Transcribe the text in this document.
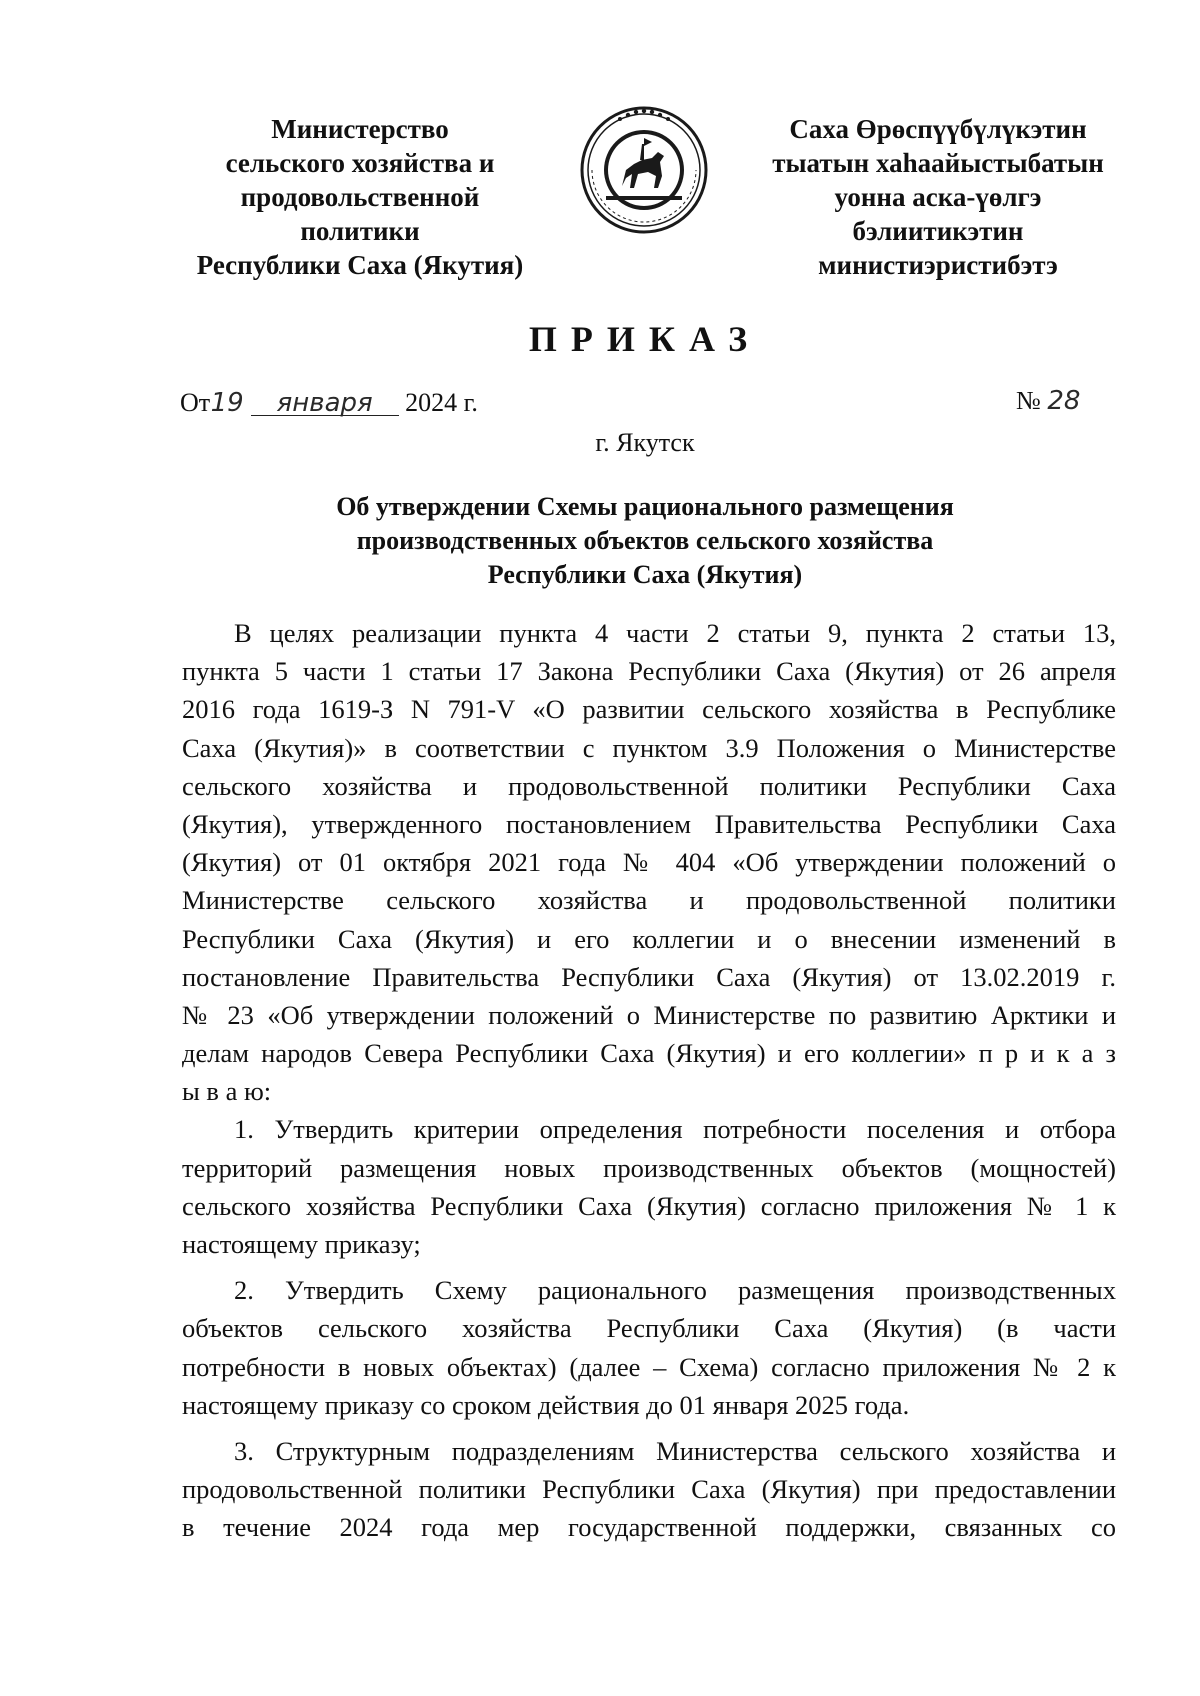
Министерство
сельского хозяйства и
продовольственной
политики
Республики Саха (Якутия)
Саха Өрөспүүбүлүкэтин
тыатын хаһаайыстыбатын
уонна аска-үөлгэ
бэлиитикэтин
министиэристибэтэ
ПРИКАЗ
От19 января 2024 г.	№ 28
г. Якутск
Об утверждении Схемы рационального размещения
производственных объектов сельского хозяйства
Республики Саха (Якутия)
В целях реализации пункта 4 части 2 статьи 9, пункта 2 статьи 13,
пункта 5 части 1 статьи 17 Закона Республики Саха (Якутия) от 26 апреля
2016 года 1619-З N 791-V «О развитии сельского хозяйства в Республике
Саха (Якутия)» в соответствии с пунктом 3.9 Положения о Министерстве
сельского хозяйства и продовольственной политики Республики Саха
(Якутия), утвержденного постановлением Правительства Республики Саха
(Якутия) от 01 октября 2021 года № 404 «Об утверждении положений о
Министерстве сельского хозяйства и продовольственной политики
Республики Саха (Якутия) и его коллегии и о внесении изменений в
постановление Правительства Республики Саха (Якутия) от 13.02.2019 г.
№ 23 «Об утверждении положений о Министерстве по развитию Арктики и
делам народов Севера Республики Саха (Якутия) и его коллегии» п р и к а з
ы в а ю:
1. Утвердить критерии определения потребности поселения и отбора
территорий размещения новых производственных объектов (мощностей)
сельского хозяйства Республики Саха (Якутия) согласно приложения № 1 к
настоящему приказу;
2. Утвердить Схему рационального размещения производственных
объектов сельского хозяйства Республики Саха (Якутия) (в части
потребности в новых объектах) (далее – Схема) согласно приложения № 2 к
настоящему приказу со сроком действия до 01 января 2025 года.
3. Структурным подразделениям Министерства сельского хозяйства и
продовольственной политики Республики Саха (Якутия) при предоставлении
в течение 2024 года мер государственной поддержки, связанных со
